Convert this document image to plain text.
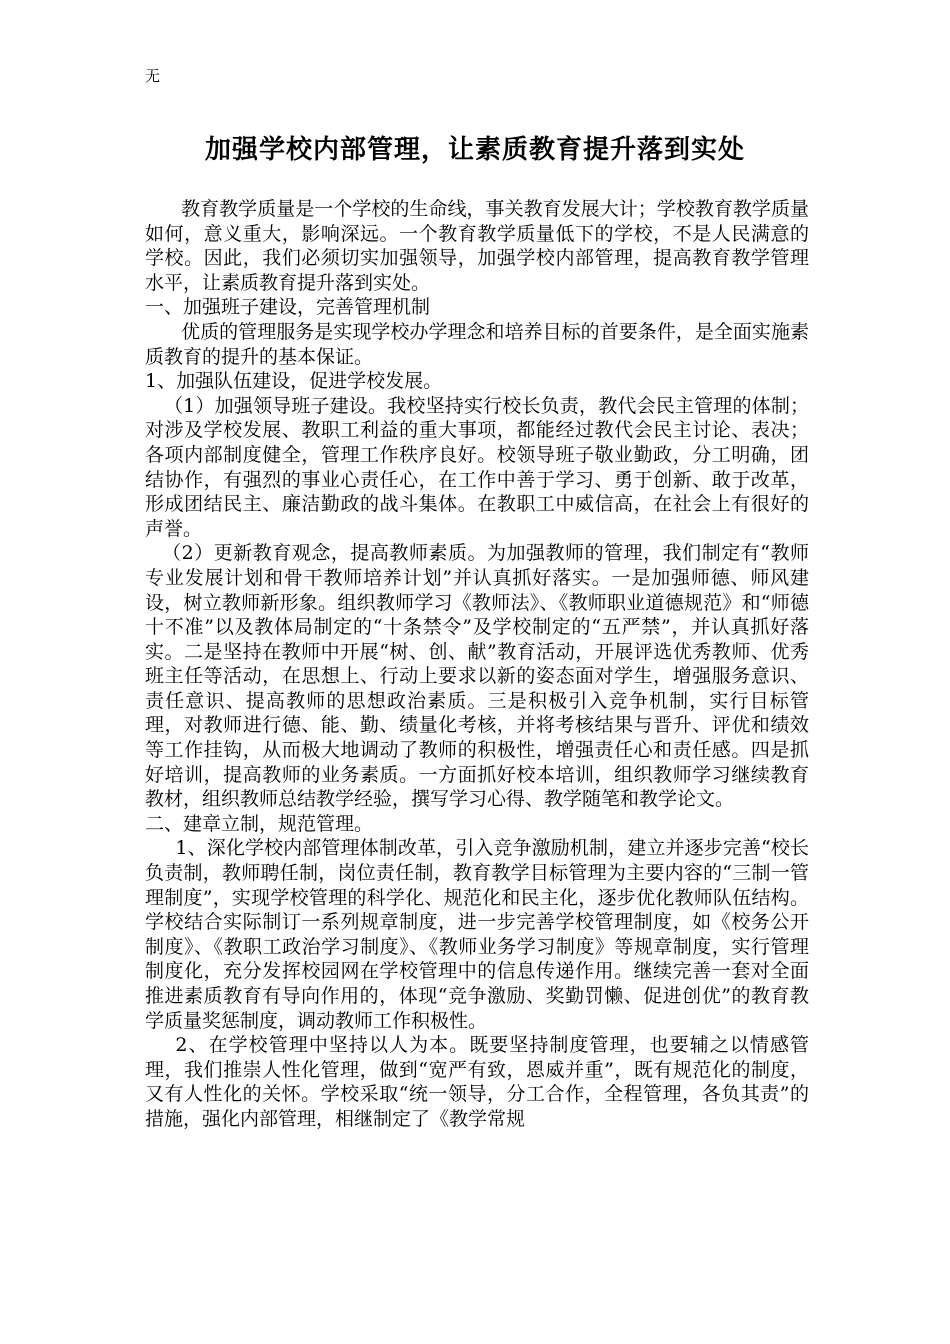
无
加强学校内部管理，让素质教育提升落到实处

教育教学质量是一个学校的生命线，事关教育发展大计；学校教育教学质量如何，意义重大，影响深远。一个教育教学质量低下的学校，不是人民满意的学校。因此，我们必须切实加强领导，加强学校内部管理，提高教育教学管理水平，让素质教育提升落到实处。

一、加强班子建设，完善管理机制

优质的管理服务是实现学校办学理念和培养目标的首要条件，是全面实施素质教育的提升的基本保证。

1、加强队伍建设，促进学校发展。

（1）加强领导班子建设。我校坚持实行校长负责，教代会民主管理的体制；对涉及学校发展、教职工利益的重大事项，都能经过教代会民主讨论、表决；各项内部制度健全，管理工作秩序良好。校领导班子敬业勤政，分工明确，团结协作，有强烈的事业心责任心，在工作中善于学习、勇于创新、敢于改革，形成团结民主、廉洁勤政的战斗集体。在教职工中威信高，在社会上有很好的声誉。

（2）更新教育观念，提高教师素质。为加强教师的管理，我们制定有“教师专业发展计划和骨干教师培养计划”并认真抓好落实。一是加强师德、师风建设，树立教师新形象。组织教师学习《教师法》、《教师职业道德规范》和“师德十不准”以及教体局制定的“十条禁令”及学校制定的“五严禁”，并认真抓好落实。二是坚持在教师中开展“树、创、献”教育活动，开展评选优秀教师、优秀班主任等活动，在思想上、行动上要求以新的姿态面对学生，增强服务意识、责任意识、提高教师的思想政治素质。三是积极引入竞争机制，实行目标管理，对教师进行德、能、勤、绩量化考核，并将考核结果与晋升、评优和绩效等工作挂钩，从而极大地调动了教师的积极性，增强责任心和责任感。四是抓好培训，提高教师的业务素质。一方面抓好校本培训，组织教师学习继续教育教材，组织教师总结教学经验，撰写学习心得、教学随笔和教学论文。

二、建章立制，规范管理。

1、深化学校内部管理体制改革，引入竞争激励机制，建立并逐步完善“校长负责制，教师聘任制，岗位责任制，教育教学目标管理为主要内容的“三制一管理制度”，实现学校管理的科学化、规范化和民主化，逐步优化教师队伍结构。学校结合实际制订一系列规章制度，进一步完善学校管理制度，如《校务公开制度》、《教职工政治学习制度》、《教师业务学习制度》等规章制度，实行管理制度化，充分发挥校园网在学校管理中的信息传递作用。继续完善一套对全面推进素质教育有导向作用的，体现“竞争激励、奖勤罚懒、促进创优”的教育教学质量奖惩制度，调动教师工作积极性。

2、在学校管理中坚持以人为本。既要坚持制度管理，也要辅之以情感管理，我们推崇人性化管理，做到“宽严有致，恩威并重”，既有规范化的制度，又有人性化的关怀。学校采取“统一领导，分工合作，全程管理，各负其责”的措施，强化内部管理，相继制定了《教学常规
